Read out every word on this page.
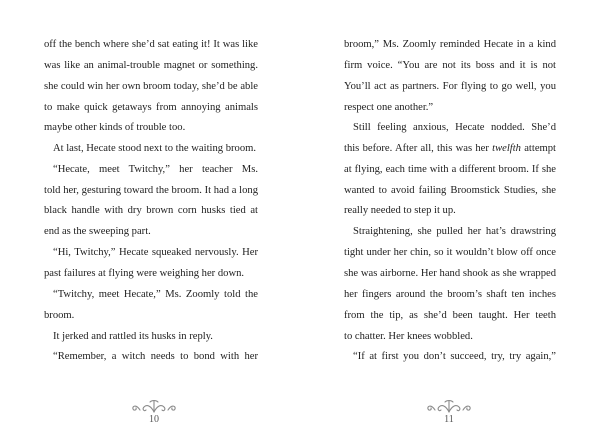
off the bench where she’d sat eating it! It was like
was like an animal-trouble magnet or something.
she could win her own broom today, she’d be able
to make quick getaways from annoying animals
maybe other kinds of trouble too.
At last, Hecate stood next to the waiting broom.
“Hecate, meet Twitchy,” her teacher Ms.
told her, gesturing toward the broom. It had a long
black handle with dry brown corn husks tied at
end as the sweeping part.
“Hi, Twitchy,” Hecate squeaked nervously. Her
past failures at flying were weighing her down.
“Twitchy, meet Hecate,” Ms. Zoomly told the
broom.
It jerked and rattled its husks in reply.
“Remember, a witch needs to bond with her
10
broom,” Ms. Zoomly reminded Hecate in a kind
firm voice. “You are not its boss and it is not
You’ll act as partners. For flying to go well, you
respect one another.”
Still feeling anxious, Hecate nodded. She’d
this before. After all, this was her twelfth attempt
at flying, each time with a different broom. If she
wanted to avoid failing Broomstick Studies, she
really needed to step it up.
Straightening, she pulled her hat’s drawstring
tight under her chin, so it wouldn’t blow off once
she was airborne. Her hand shook as she wrapped
her fingers around the broom’s shaft ten inches
from the tip, as she’d been taught. Her teeth
to chatter. Her knees wobbled.
“If at first you don’t succeed, try, try again,”
11
